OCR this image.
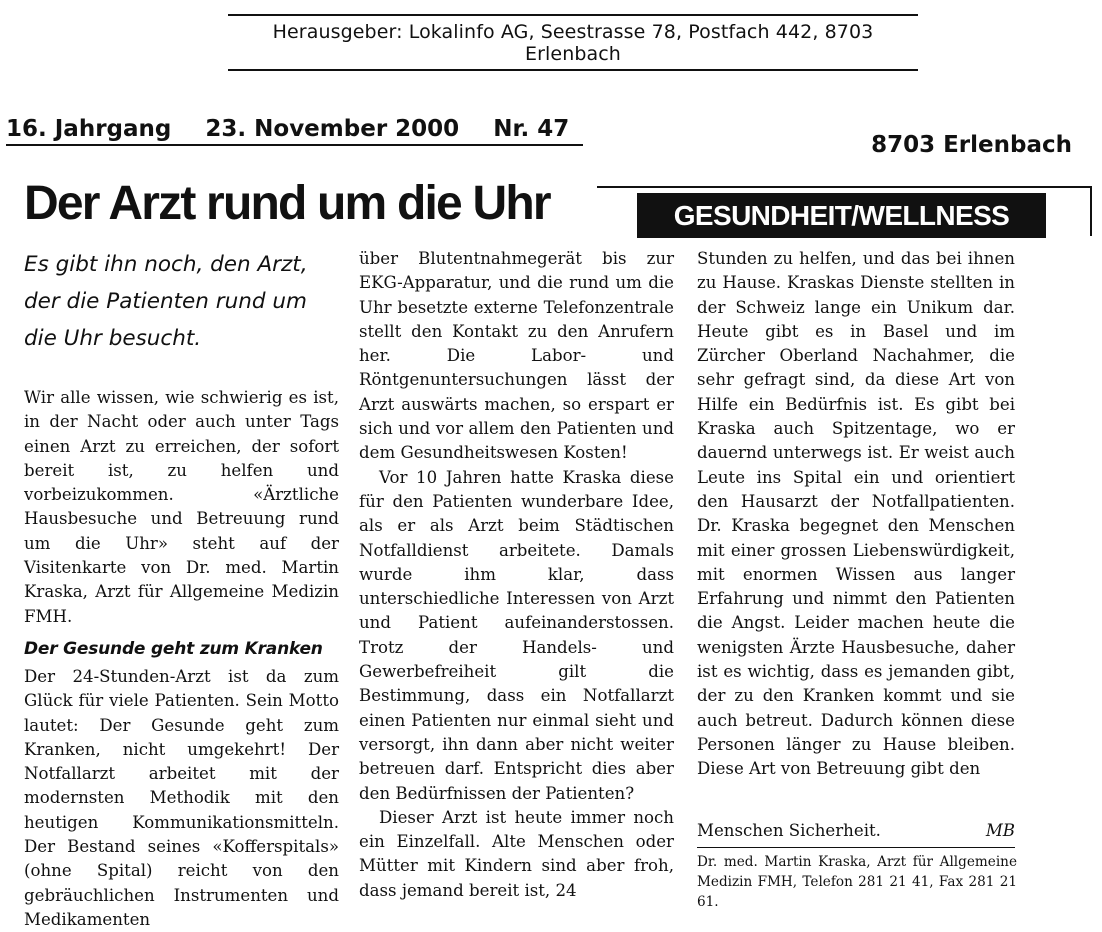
Herausgeber: Lokalinfo AG, Seestrasse 78, Postfach 442, 8703 Erlenbach
16. Jahrgang 23. November 2000 Nr. 47
8703 Erlenbach
Der Arzt rund um die Uhr	GESUNDHEIT/WELLNESS
Es gibt ihn noch, den Arzt, der die Patienten rund um die Uhr besucht.

Wir alle wissen, wie schwierig es ist, in der Nacht oder auch unter Tags einen Arzt zu erreichen, der sofort bereit ist, zu helfen und vorbeizukommen. «Ärztliche Hausbesuche und Betreuung rund um die Uhr» steht auf der Visitenkarte von Dr. med. Martin Kraska, Arzt für Allgemeine Medizin FMH.

Der Gesunde geht zum Kranken

Der 24-Stunden-Arzt ist da zum Glück für viele Patienten. Sein Motto lautet: Der Gesunde geht zum Kranken, nicht umgekehrt! Der Notfallarzt arbeitet mit der modernsten Methodik mit den heutigen Kommunikationsmitteln. Der Bestand seines «Kofferspitals» (ohne Spital) reicht von den gebräuchlichen Instrumenten und Medikamenten

über Blutentnahmegerät bis zur EKG-Apparatur, und die rund um die Uhr besetzte externe Telefonzentrale stellt den Kontakt zu den Anrufern her. Die Labor- und Röntgenuntersuchungen lässt der Arzt auswärts machen, so erspart er sich und vor allem den Patienten und dem Gesundheitswesen Kosten!

Vor 10 Jahren hatte Kraska diese für den Patienten wunderbare Idee, als er als Arzt beim Städtischen Notfalldienst arbeitete. Damals wurde ihm klar, dass unterschiedliche Interessen von Arzt und Patient aufeinanderstossen. Trotz der Handels- und Gewerbefreiheit gilt die Bestimmung, dass ein Notfallarzt einen Patienten nur einmal sieht und versorgt, ihn dann aber nicht weiter betreuen darf. Entspricht dies aber den Bedürfnissen der Patienten?

Dieser Arzt ist heute immer noch ein Einzelfall. Alte Menschen oder Mütter mit Kindern sind aber froh, dass jemand bereit ist, 24

Stunden zu helfen, und das bei ihnen zu Hause. Kraskas Dienste stellten in der Schweiz lange ein Unikum dar. Heute gibt es in Basel und im Zürcher Oberland Nachahmer, die sehr gefragt sind, da diese Art von Hilfe ein Bedürfnis ist. Es gibt bei Kraska auch Spitzentage, wo er dauernd unterwegs ist. Er weist auch Leute ins Spital ein und orientiert den Hausarzt der Notfallpatienten. Dr. Kraska begegnet den Menschen mit einer grossen Liebenswürdigkeit, mit enormen Wissen aus langer Erfahrung und nimmt den Patienten die Angst. Leider machen heute die wenigsten Ärzte Hausbesuche, daher ist es wichtig, dass es jemanden gibt, der zu den Kranken kommt und sie auch betreut. Dadurch können diese Personen länger zu Hause bleiben. Diese Art von Betreuung gibt den

Menschen Sicherheit.	MB
Dr. med. Martin Kraska, Arzt für Allgemeine Medizin FMH, Telefon 281 21 41, Fax 281 21 61.
